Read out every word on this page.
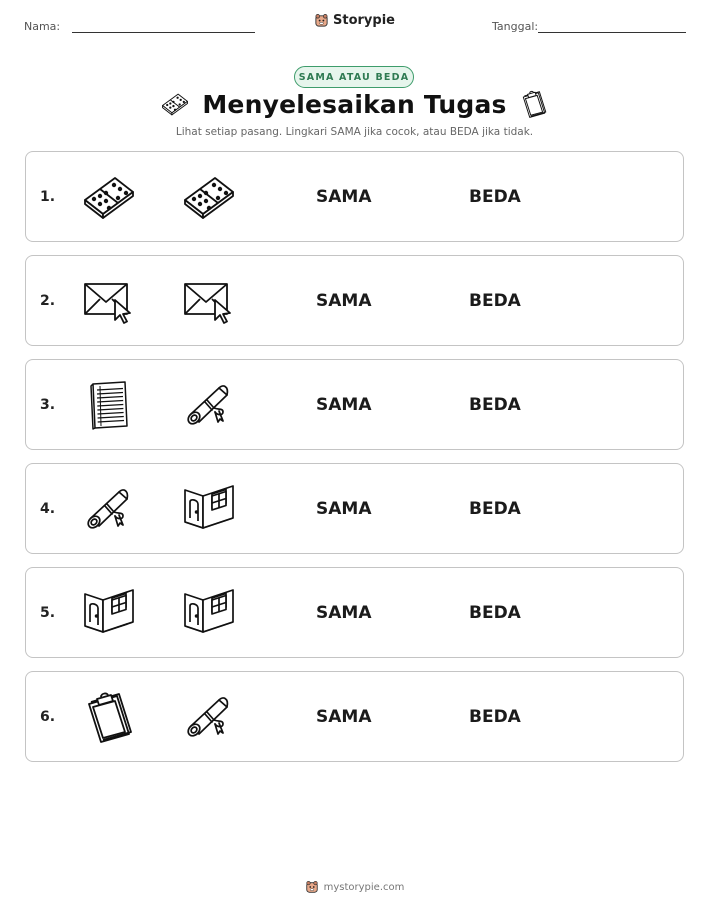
Nama:	Storypie	Tanggal:
SAMA ATAU BEDA
Menyelesaikan Tugas
Lihat setiap pasang. Lingkari SAMA jika cocok, atau BEDA jika tidak.
1.	SAMA	BEDA
2.	SAMA	BEDA
3.	SAMA	BEDA
4.	SAMA	BEDA
5.	SAMA	BEDA
6.	SAMA	BEDA
mystorypie.com
